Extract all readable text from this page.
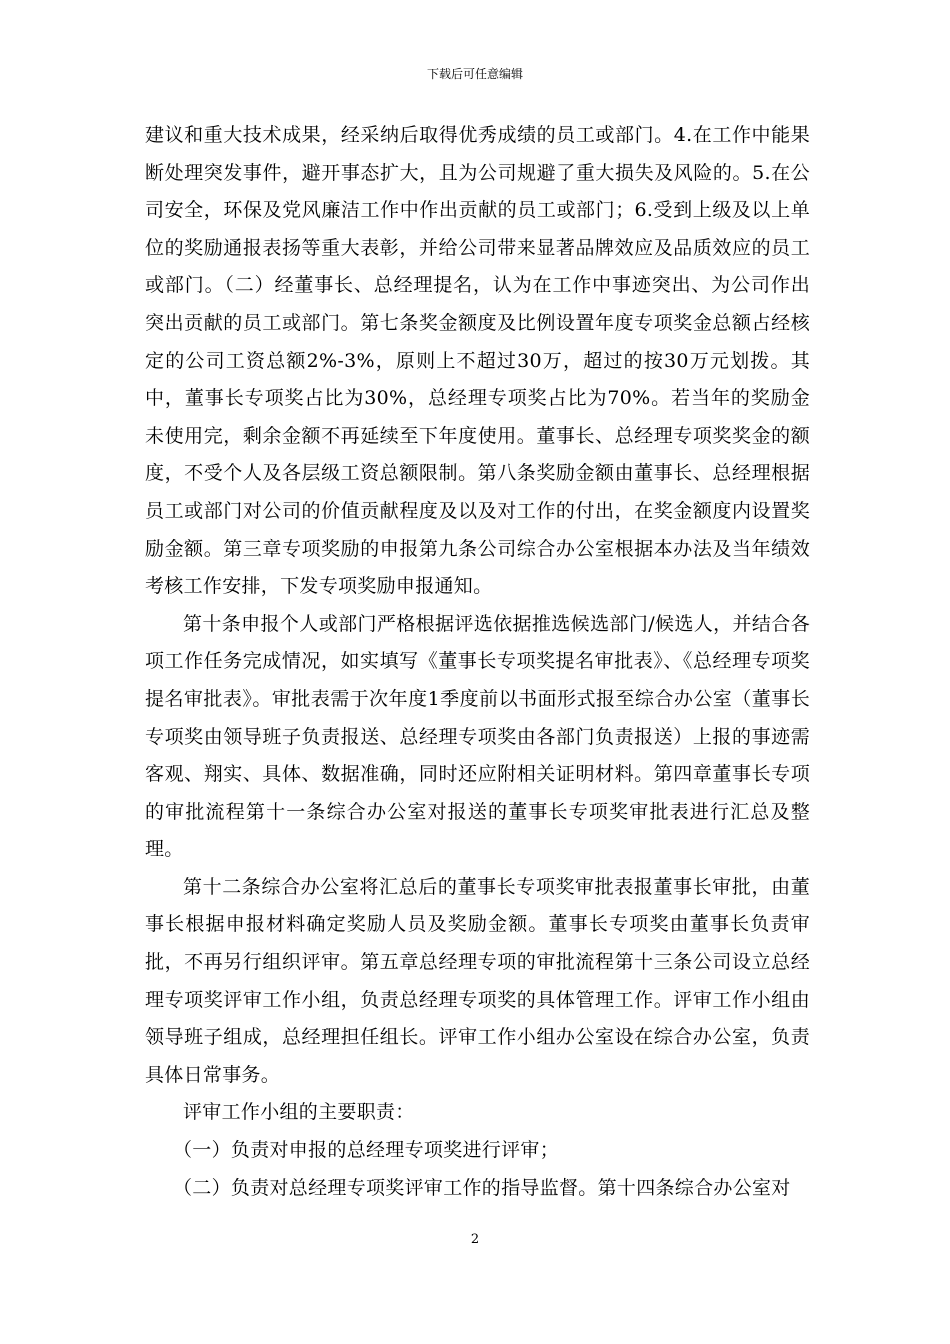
下载后可任意编辑

建议和重大技术成果，经采纳后取得优秀成绩的员工或部门。4.在工作中能果断处理突发事件，避开事态扩大，且为公司规避了重大损失及风险的。5.在公司安全，环保及党风廉洁工作中作出贡献的员工或部门；6.受到上级及以上单位的奖励通报表扬等重大表彰，并给公司带来显著品牌效应及品质效应的员工或部门。（二）经董事长、总经理提名，认为在工作中事迹突出、为公司作出突出贡献的员工或部门。第七条奖金额度及比例设置年度专项奖金总额占经核定的公司工资总额2%-3%，原则上不超过30万，超过的按30万元划拨。其中，董事长专项奖占比为30%，总经理专项奖占比为70%。若当年的奖励金未使用完，剩余金额不再延续至下年度使用。董事长、总经理专项奖奖金的额度，不受个人及各层级工资总额限制。第八条奖励金额由董事长、总经理根据员工或部门对公司的价值贡献程度及以及对工作的付出，在奖金额度内设置奖励金额。第三章专项奖励的申报第九条公司综合办公室根据本办法及当年绩效考核工作安排，下发专项奖励申报通知。

第十条申报个人或部门严格根据评选依据推选候选部门/候选人，并结合各项工作任务完成情况，如实填写《董事长专项奖提名审批表》、《总经理专项奖提名审批表》。审批表需于次年度1季度前以书面形式报至综合办公室（董事长专项奖由领导班子负责报送、总经理专项奖由各部门负责报送）上报的事迹需客观、翔实、具体、数据准确，同时还应附相关证明材料。第四章董事长专项的审批流程第十一条综合办公室对报送的董事长专项奖审批表进行汇总及整理。

第十二条综合办公室将汇总后的董事长专项奖审批表报董事长审批，由董事长根据申报材料确定奖励人员及奖励金额。董事长专项奖由董事长负责审批，不再另行组织评审。第五章总经理专项的审批流程第十三条公司设立总经理专项奖评审工作小组，负责总经理专项奖的具体管理工作。评审工作小组由领导班子组成，总经理担任组长。评审工作小组办公室设在综合办公室，负责具体日常事务。

评审工作小组的主要职责：

（一）负责对申报的总经理专项奖进行评审；

（二）负责对总经理专项奖评审工作的指导监督。第十四条综合办公室对

2
